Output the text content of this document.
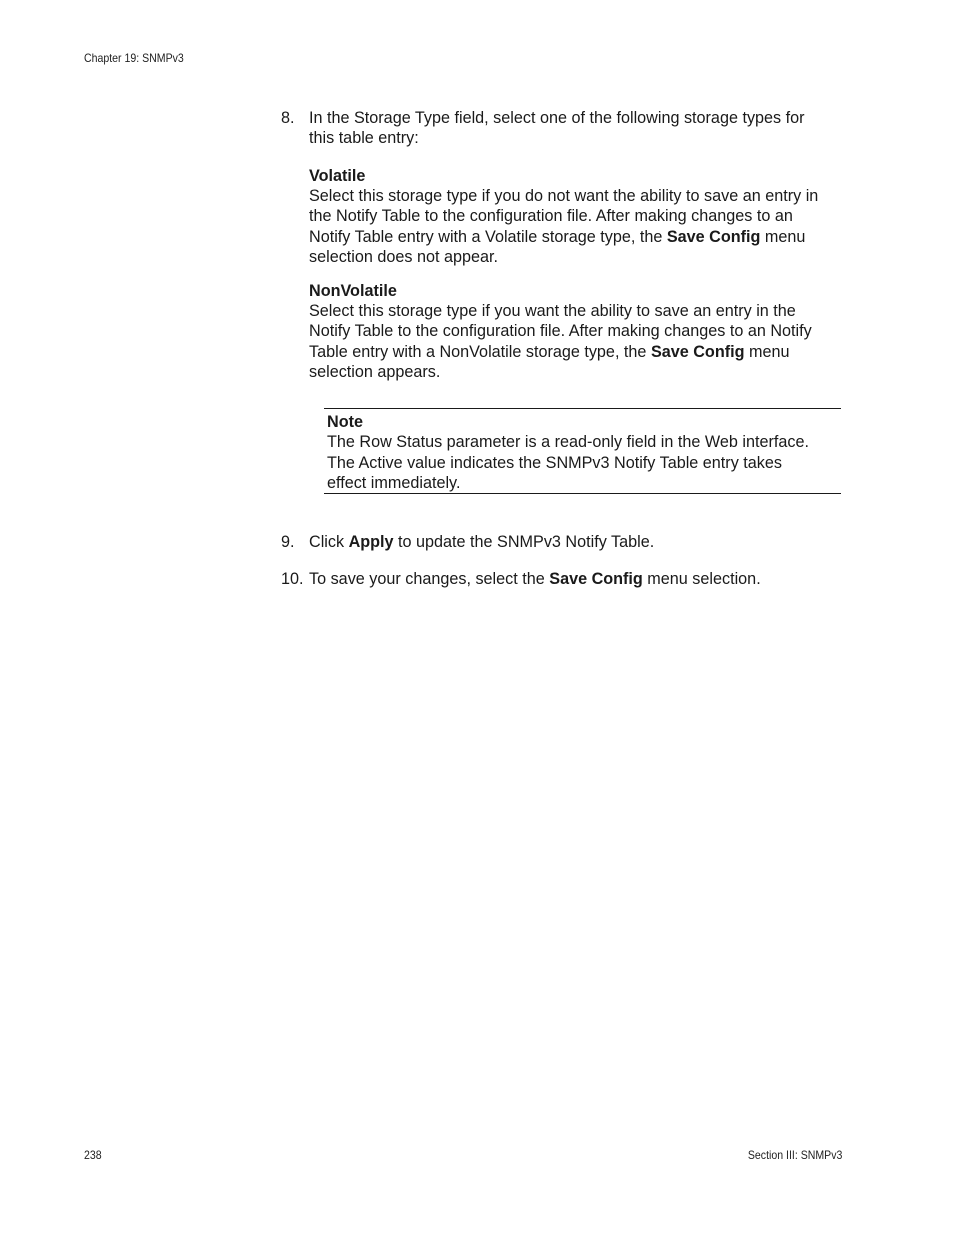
Chapter 19: SNMPv3
8. In the Storage Type field, select one of the following storage types for
this table entry:
Volatile
Select this storage type if you do not want the ability to save an entry in
the Notify Table to the configuration file. After making changes to an
Notify Table entry with a Volatile storage type, the Save Config menu
selection does not appear.
NonVolatile
Select this storage type if you want the ability to save an entry in the
Notify Table to the configuration file. After making changes to an Notify
Table entry with a NonVolatile storage type, the Save Config menu
selection appears.
Note
The Row Status parameter is a read-only field in the Web interface.
The Active value indicates the SNMPv3 Notify Table entry takes
effect immediately.
9. Click Apply to update the SNMPv3 Notify Table.
10. To save your changes, select the Save Config menu selection.
238	Section III: SNMPv3
